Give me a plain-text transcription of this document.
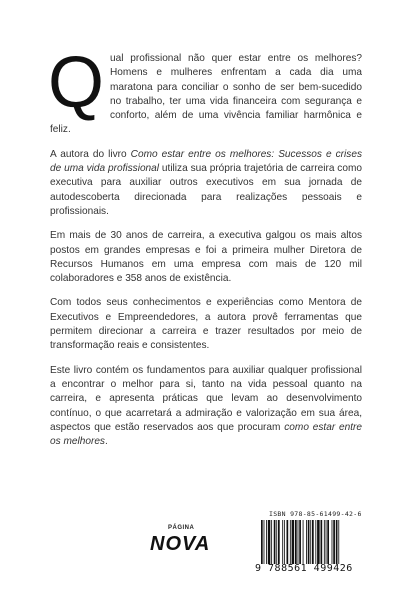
Qual profissional não quer estar entre os melhores? Homens e mulheres enfrentam a cada dia uma maratona para conciliar o sonho de ser bem-sucedido no trabalho, ter uma vida financeira com segurança e conforto, além de uma vivência familiar harmônica e feliz.

A autora do livro Como estar entre os melhores: Sucessos e crises de uma vida profissional utiliza sua própria trajetória de carreira como executiva para auxiliar outros executivos em sua jornada de autodescoberta direcionada para realizações pessoais e profissionais.

Em mais de 30 anos de carreira, a executiva galgou os mais altos postos em grandes empresas e foi a primeira mulher Diretora de Recursos Humanos em uma empresa com mais de 120 mil colaboradores e 358 anos de existência.

Com todos seus conhecimentos e experiências como Mentora de Executivos e Empreendedores, a autora provê ferramentas que permitem direcionar a carreira e trazer resultados por meio de transformação reais e consistentes.

Este livro contém os fundamentos para auxiliar qualquer profissional a encontrar o melhor para si, tanto na vida pessoal quanto na carreira, e apresenta práticas que levam ao desenvolvimento contínuo, o que acarretará a admiração e valorização em sua área, aspectos que estão reservados aos que procuram como estar entre os melhores.

PÁGINA
NOVA
ISBN 978-85-61499-42-6
9 788561 499426
